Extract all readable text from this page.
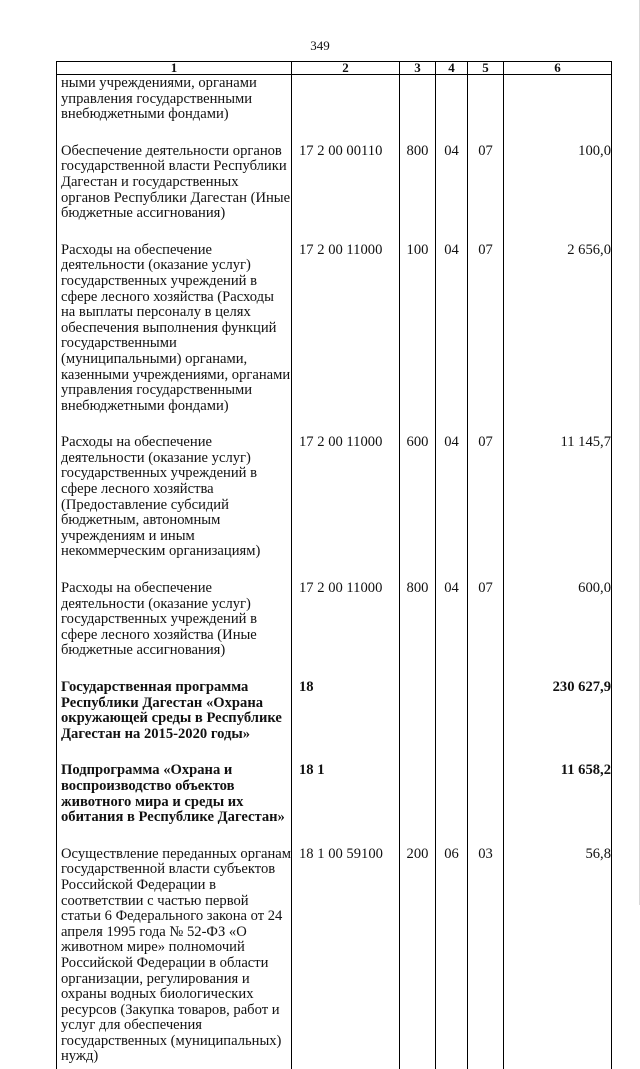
349
1	2	3	4	5	6
ными учреждениями, органами управления государственными внебюджетными фондами)					
Обеспечение деятельности органов государственной власти Республики Дагестан и государственных органов Республики Дагестан (Иные бюджетные ассигнования)	17 2 00 00110	800	04	07	100,0
Расходы на обеспечение деятельности (оказание услуг) государственных учреждений в сфере лесного хозяйства (Расходы на выплаты персоналу в целях обеспечения выполнения функций государственными (муниципальными) органами, казенными учреждениями, органами управления государственными внебюджетными фондами)	17 2 00 11000	100	04	07	2 656,0
Расходы на обеспечение деятельности (оказание услуг) государственных учреждений в сфере лесного хозяйства (Предоставление субсидий бюджетным, автономным учреждениям и иным некоммерческим организациям)	17 2 00 11000	600	04	07	11 145,7
Расходы на обеспечение деятельности (оказание услуг) государственных учреждений в сфере лесного хозяйства (Иные бюджетные ассигнования)	17 2 00 11000	800	04	07	600,0
Государственная программа Республики Дагестан «Охрана окружающей среды в Республике Дагестан на 2015-2020 годы»	18				230 627,9
Подпрограмма «Охрана и воспроизводство объектов животного мира и среды их обитания в Республике Дагестан»	18 1				11 658,2
Осуществление переданных органам государственной власти субъектов Российской Федерации в соответствии с частью первой статьи 6 Федерального закона от 24 апреля 1995 года № 52-ФЗ «О животном мире» полномочий Российской Федерации в области организации, регулирования и охраны водных биологических ресурсов (Закупка товаров, работ и услуг для обеспечения государственных (муниципальных) нужд)	18 1 00 59100	200	06	03	56,8
